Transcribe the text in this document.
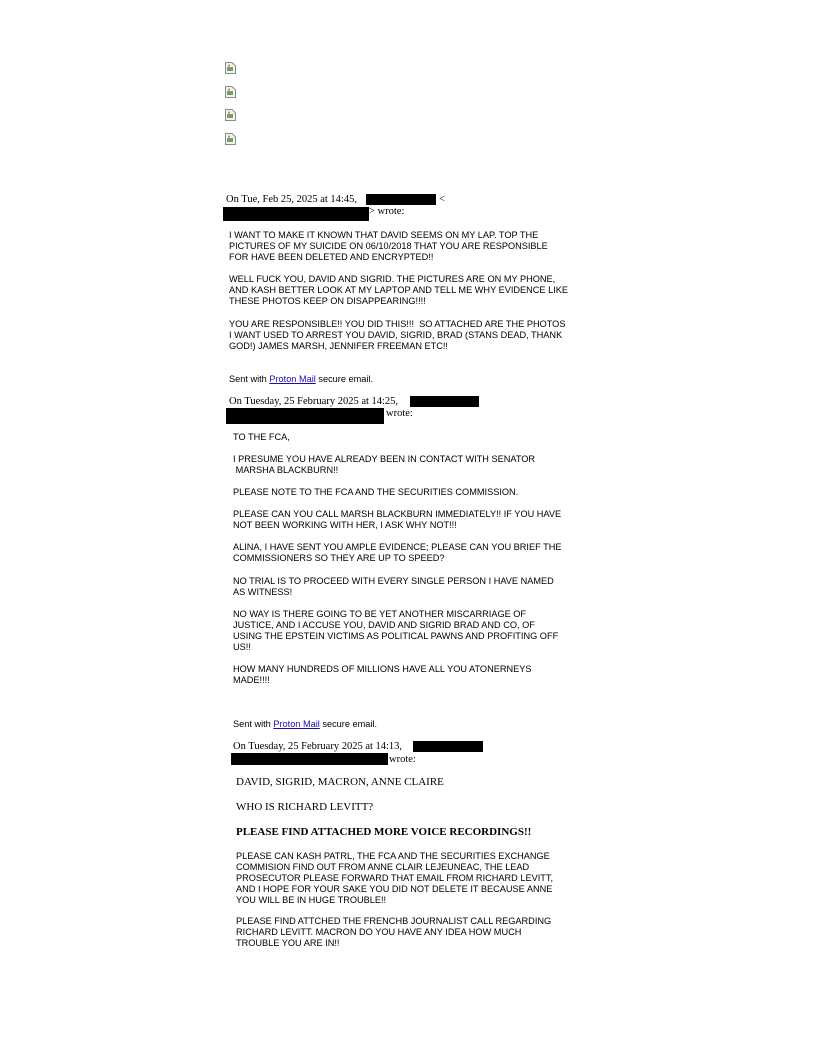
On Tue, Feb 25, 2025 at 14:45,	<
> wrote:
I WANT TO MAKE IT KNOWN THAT DAVID SEEMS ON MY LAP. TOP THE
PICTURES OF MY SUICIDE ON 06/10/2018 THAT YOU ARE RESPONSIBLE
FOR HAVE BEEN DELETED AND ENCRYPTED!!
WELL FUCK YOU, DAVID AND SIGRID. THE PICTURES ARE ON MY PHONE,
AND KASH BETTER LOOK AT MY LAPTOP AND TELL ME WHY EVIDENCE LIKE
THESE PHOTOS KEEP ON DISAPPEARING!!!!
YOU ARE RESPONSIBLE!! YOU DID THIS!!!  SO ATTACHED ARE THE PHOTOS
I WANT USED TO ARREST YOU DAVID, SIGRID, BRAD (STANS DEAD, THANK
GOD!) JAMES MARSH, JENNIFER FREEMAN ETC!!
Sent with Proton Mail secure email.
On Tuesday, 25 February 2025 at 14:25,
wrote:
TO THE FCA,
I PRESUME YOU HAVE ALREADY BEEN IN CONTACT WITH SENATOR
MARSHA BLACKBURN!!
PLEASE NOTE TO THE FCA AND THE SECURITIES COMMISSION.
PLEASE CAN YOU CALL MARSH BLACKBURN IMMEDIATELY!! IF YOU HAVE
NOT BEEN WORKING WITH HER, I ASK WHY NOT!!!
ALINA, I HAVE SENT YOU AMPLE EVIDENCE; PLEASE CAN YOU BRIEF THE
COMMISSIONERS SO THEY ARE UP TO SPEED?
NO TRIAL IS TO PROCEED WITH EVERY SINGLE PERSON I HAVE NAMED
AS WITNESS!
NO WAY IS THERE GOING TO BE YET ANOTHER MISCARRIAGE OF
JUSTICE, AND I ACCUSE YOU, DAVID AND SIGRID BRAD AND CO, OF
USING THE EPSTEIN VICTIMS AS POLITICAL PAWNS AND PROFITING OFF
US!!
HOW MANY HUNDREDS OF MILLIONS HAVE ALL YOU ATONERNEYS
MADE!!!!
Sent with Proton Mail secure email.
On Tuesday, 25 February 2025 at 14:13,
wrote:
DAVID, SIGRID, MACRON, ANNE CLAIRE
WHO IS RICHARD LEVITT?
PLEASE FIND ATTACHED MORE VOICE RECORDINGS!!
PLEASE CAN KASH PATRL, THE FCA AND THE SECURITIES EXCHANGE
COMMISION FIND OUT FROM ANNE CLAIR LEJEUNEAC, THE LEAD
PROSECUTOR PLEASE FORWARD THAT EMAIL FROM RICHARD LEVITT,
AND I HOPE FOR YOUR SAKE YOU DID NOT DELETE IT BECAUSE ANNE
YOU WILL BE IN HUGE TROUBLE!!
PLEASE FIND ATTCHED THE FRENCHB JOURNALIST CALL REGARDING
RICHARD LEVITT. MACRON DO YOU HAVE ANY IDEA HOW MUCH
TROUBLE YOU ARE IN!!
